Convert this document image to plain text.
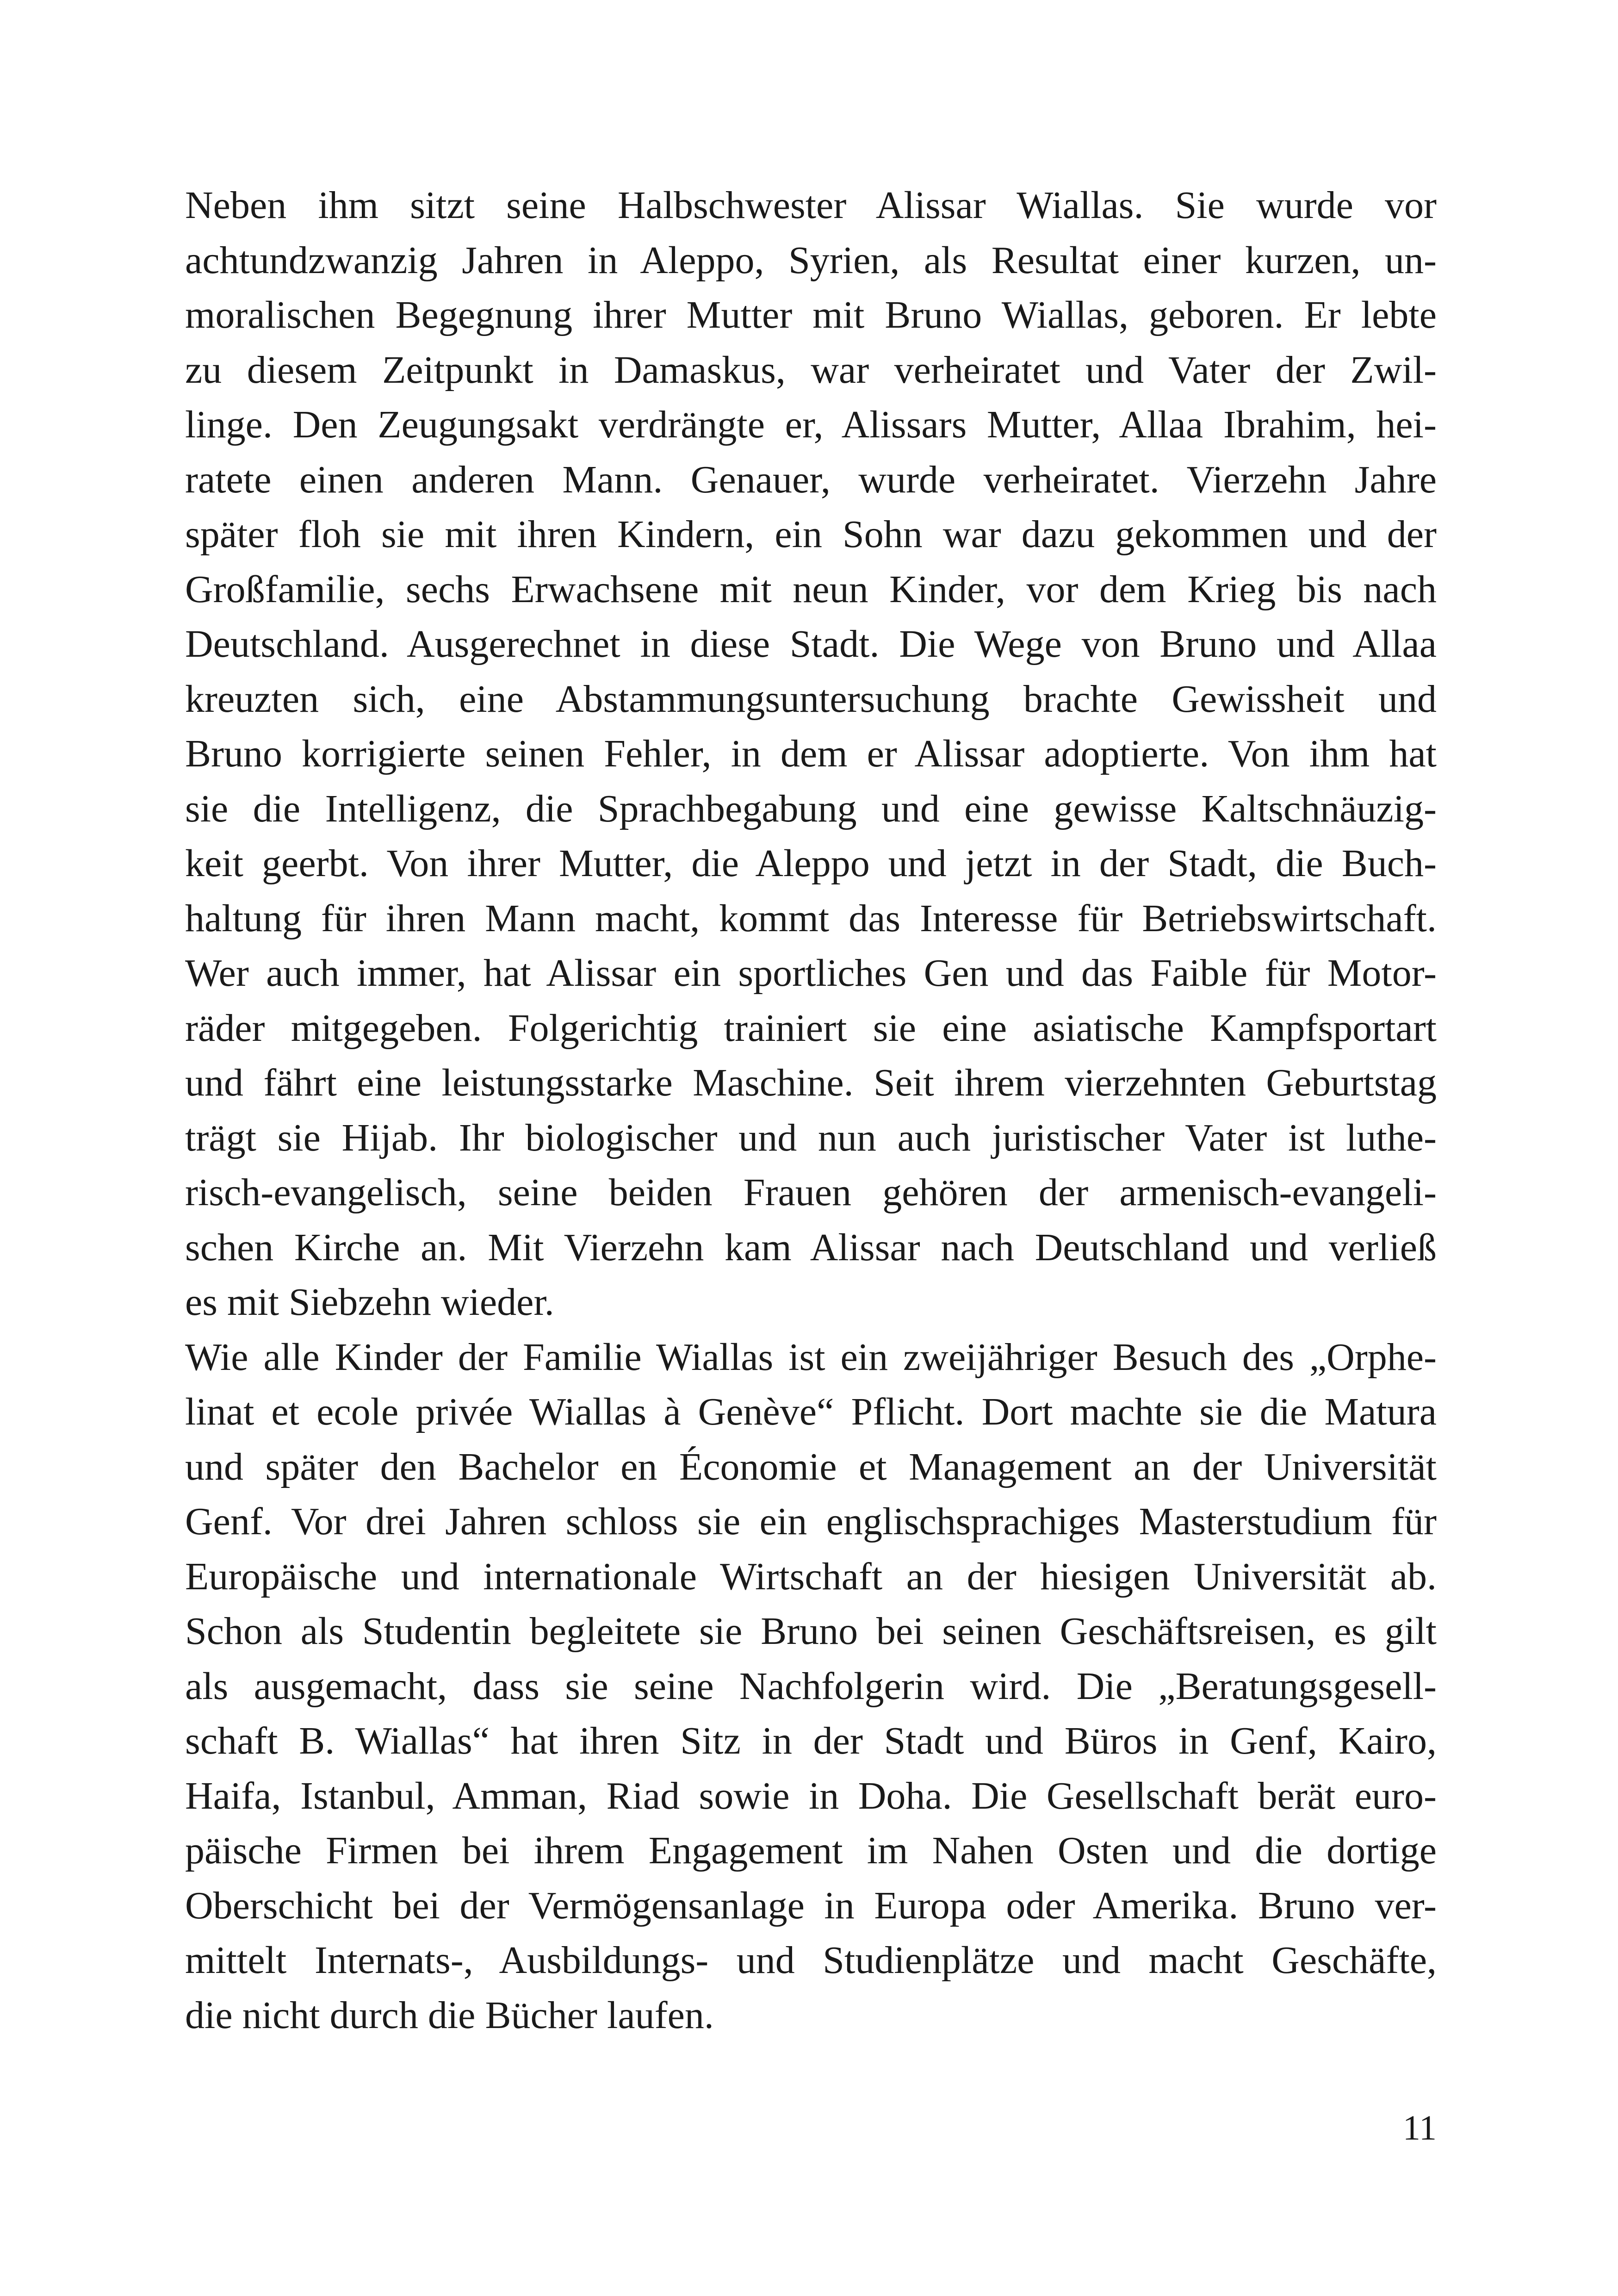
Neben ihm sitzt seine Halbschwester Alissar Wiallas. Sie wurde vor
achtundzwanzig Jahren in Aleppo, Syrien, als Resultat einer kurzen, un-
moralischen Begegnung ihrer Mutter mit Bruno Wiallas, geboren. Er lebte
zu diesem Zeitpunkt in Damaskus, war verheiratet und Vater der Zwil-
linge. Den Zeugungsakt verdrängte er, Alissars Mutter, Allaa Ibrahim, hei-
ratete einen anderen Mann. Genauer, wurde verheiratet. Vierzehn Jahre
später floh sie mit ihren Kindern, ein Sohn war dazu gekommen und der
Großfamilie, sechs Erwachsene mit neun Kinder, vor dem Krieg bis nach
Deutschland. Ausgerechnet in diese Stadt. Die Wege von Bruno und Allaa
kreuzten sich, eine Abstammungsuntersuchung brachte Gewissheit und
Bruno korrigierte seinen Fehler, in dem er Alissar adoptierte. Von ihm hat
sie die Intelligenz, die Sprachbegabung und eine gewisse Kaltschnäuzig-
keit geerbt. Von ihrer Mutter, die Aleppo und jetzt in der Stadt, die Buch-
haltung für ihren Mann macht, kommt das Interesse für Betriebswirtschaft.
Wer auch immer, hat Alissar ein sportliches Gen und das Faible für Motor-
räder mitgegeben. Folgerichtig trainiert sie eine asiatische Kampfsportart
und fährt eine leistungsstarke Maschine. Seit ihrem vierzehnten Geburtstag
trägt sie Hijab. Ihr biologischer und nun auch juristischer Vater ist luthe-
risch-evangelisch, seine beiden Frauen gehören der armenisch-evangeli-
schen Kirche an. Mit Vierzehn kam Alissar nach Deutschland und verließ
es mit Siebzehn wieder.
Wie alle Kinder der Familie Wiallas ist ein zweijähriger Besuch des „Orphe-
linat et ecole privée Wiallas à Genève“ Pflicht. Dort machte sie die Matura
und später den Bachelor en Économie et Management an der Universität
Genf. Vor drei Jahren schloss sie ein englischsprachiges Masterstudium für
Europäische und internationale Wirtschaft an der hiesigen Universität ab.
Schon als Studentin begleitete sie Bruno bei seinen Geschäftsreisen, es gilt
als ausgemacht, dass sie seine Nachfolgerin wird. Die „Beratungsgesell-
schaft B. Wiallas“ hat ihren Sitz in der Stadt und Büros in Genf, Kairo,
Haifa, Istanbul, Amman, Riad sowie in Doha. Die Gesellschaft berät euro-
päische Firmen bei ihrem Engagement im Nahen Osten und die dortige
Oberschicht bei der Vermögensanlage in Europa oder Amerika. Bruno ver-
mittelt Internats-, Ausbildungs- und Studienplätze und macht Geschäfte,
die nicht durch die Bücher laufen.
11
